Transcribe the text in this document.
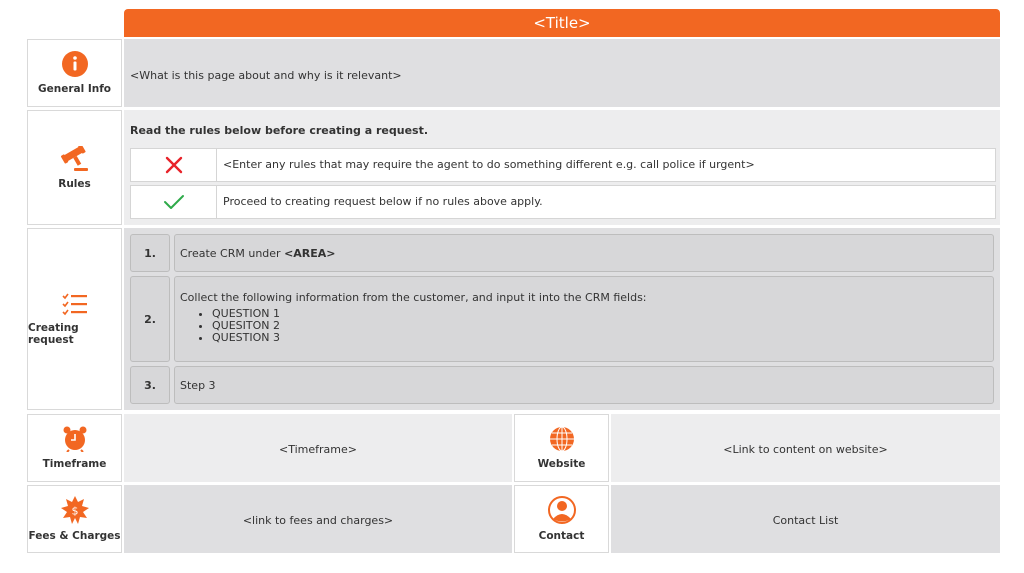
<Title>
General Info
<What is this page about and why is it relevant>
Rules
Read the rules below before creating a request.
<Enter any rules that may require the agent to do something different e.g. call police if urgent>
Proceed to creating request below if no rules above apply.
Creating request
1.	Create CRM under <AREA>
2.
Collect the following information from the customer, and input it into the CRM fields:
• QUESTION 1
• QUESITON 2
• QUESTION 3
3.	Step 3
Timeframe
<Timeframe>
Website
<Link to content on website>
$
Fees & Charges
<link to fees and charges>
Contact
Contact List
